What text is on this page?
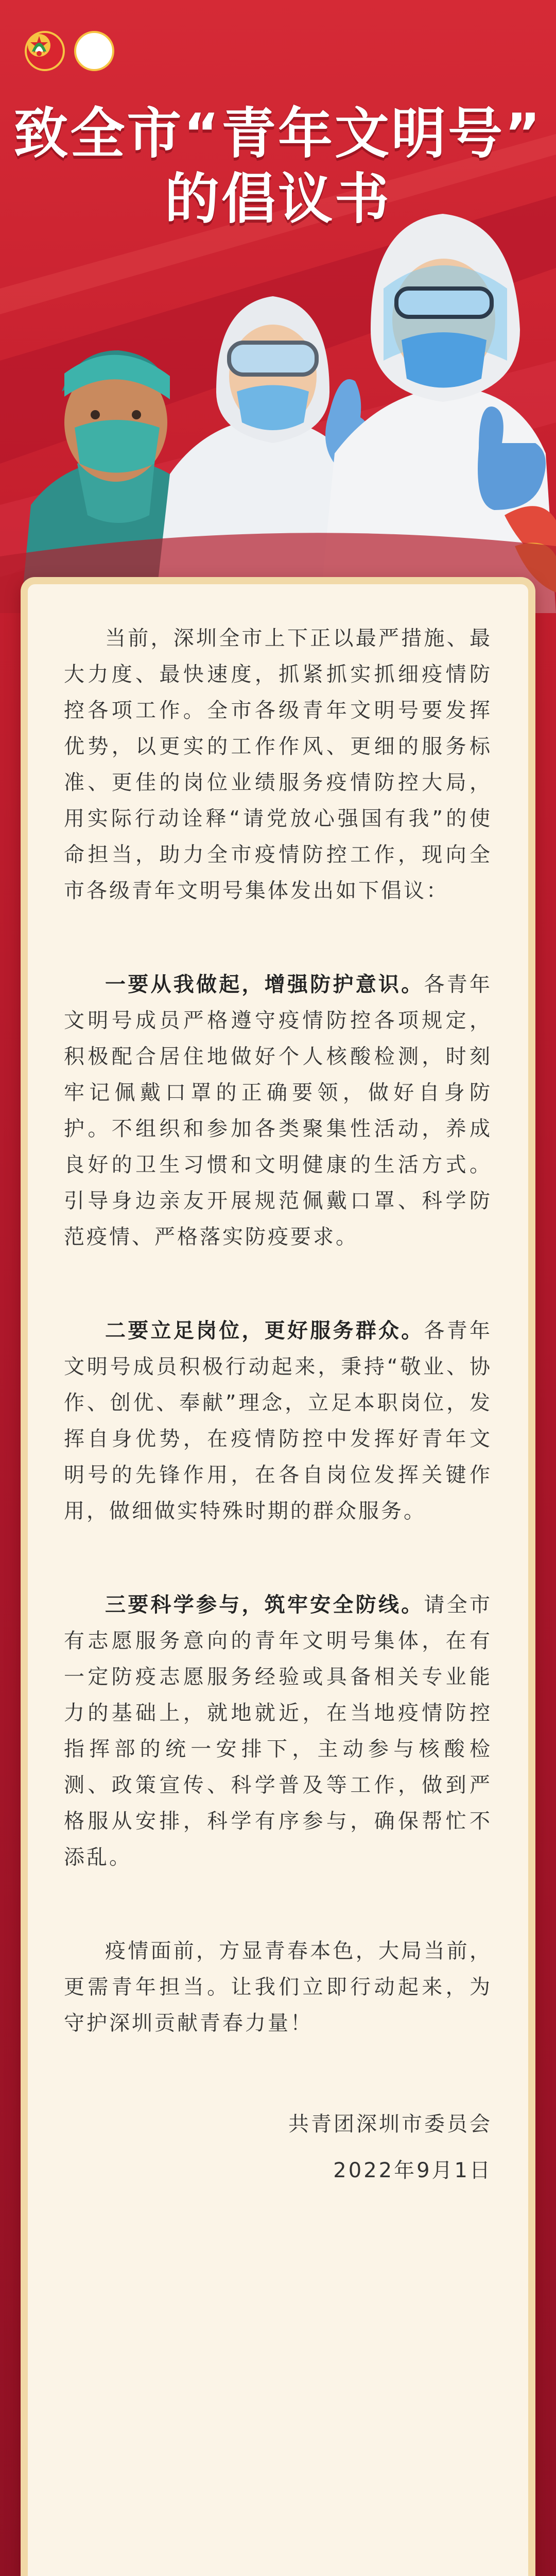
致全市“青年文明号”
的倡议书

当前，深圳全市上下正以最严措施、最大力度、最快速度，抓紧抓实抓细疫情防控各项工作。全市各级青年文明号要发挥优势，以更实的工作作风、更细的服务标准、更佳的岗位业绩服务疫情防控大局，用实际行动诠释“请党放心强国有我”的使命担当，助力全市疫情防控工作，现向全市各级青年文明号集体发出如下倡议：

一要从我做起，增强防护意识。各青年文明号成员严格遵守疫情防控各项规定，积极配合居住地做好个人核酸检测，时刻牢记佩戴口罩的正确要领，做好自身防护。不组织和参加各类聚集性活动，养成良好的卫生习惯和文明健康的生活方式。引导身边亲友开展规范佩戴口罩、科学防范疫情、严格落实防疫要求。

二要立足岗位，更好服务群众。各青年文明号成员积极行动起来，秉持“敬业、协作、创优、奉献”理念，立足本职岗位，发挥自身优势，在疫情防控中发挥好青年文明号的先锋作用，在各自岗位发挥关键作用，做细做实特殊时期的群众服务。

三要科学参与，筑牢安全防线。请全市有志愿服务意向的青年文明号集体，在有一定防疫志愿服务经验或具备相关专业能力的基础上，就地就近，在当地疫情防控指挥部的统一安排下，主动参与核酸检测、政策宣传、科学普及等工作，做到严格服从安排，科学有序参与，确保帮忙不添乱。

疫情面前，方显青春本色，大局当前，更需青年担当。让我们立即行动起来，为守护深圳贡献青春力量！

共青团深圳市委员会
2022年9月1日
